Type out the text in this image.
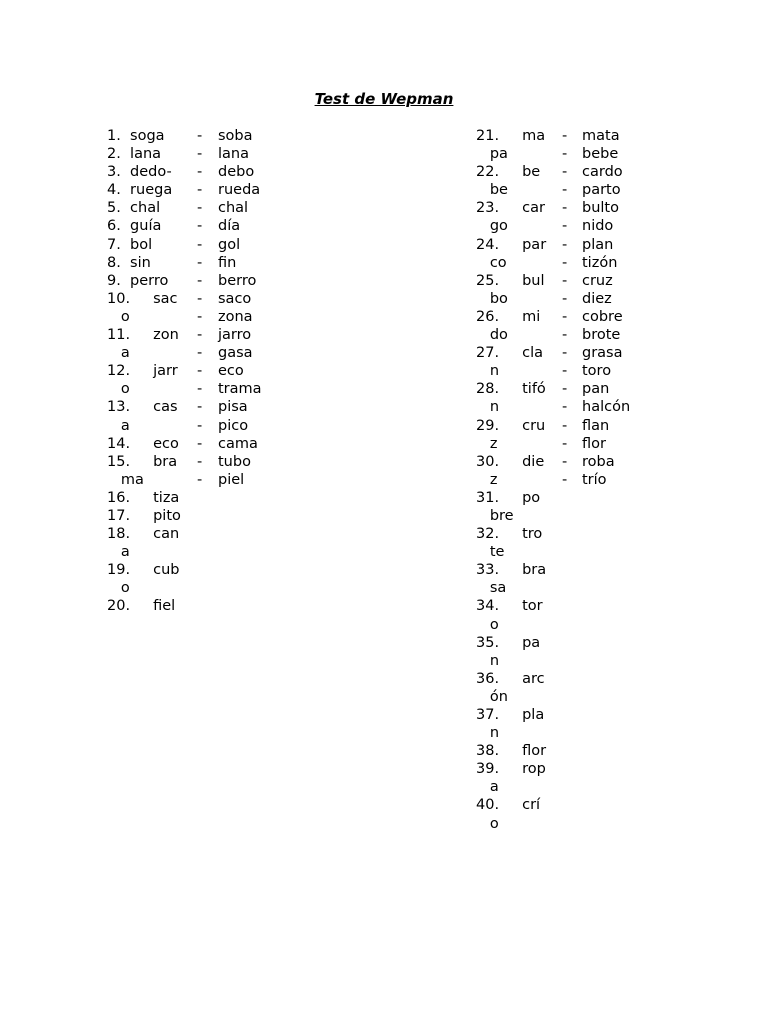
Test de Wepman
1.  soga
2.  lana
3.  dedo-
4.  ruega
5.  chal
6.  guía
7.  bol
8.  sin
9.  perro
10.     sac
o
11.     zon
a
12.     jarr
o
13.     cas
a
14.     eco
15.     bra
ma
16.     tiza
17.     pito
18.     can
a
19.     cub
o
20.     fiel
-
-
-
-
-
-
-
-
-
-
-
-
-
-
-
-
-
-
-
-
soba
lana
debo
rueda
chal
día
gol
fin
berro
saco
zona
jarro
gasa
eco
trama
pisa
pico
cama
tubo
piel
21.     ma
pa
22.     be
be
23.     car
go
24.     par
co
25.     bul
bo
26.     mi
do
27.     cla
n
28.     tifó
n
29.     cru
z
30.     die
z
31.     po
bre
32.     tro
te
33.     bra
sa
34.     tor
o
35.     pa
n
36.     arc
ón
37.     pla
n
38.     flor
39.     rop
a
40.     crí
o
-
-
-
-
-
-
-
-
-
-
-
-
-
-
-
-
-
-
-
-
mata
bebe
cardo
parto
bulto
nido
plan
tizón
cruz
diez
cobre
brote
grasa
toro
pan
halcón
flan
flor
roba
trío
